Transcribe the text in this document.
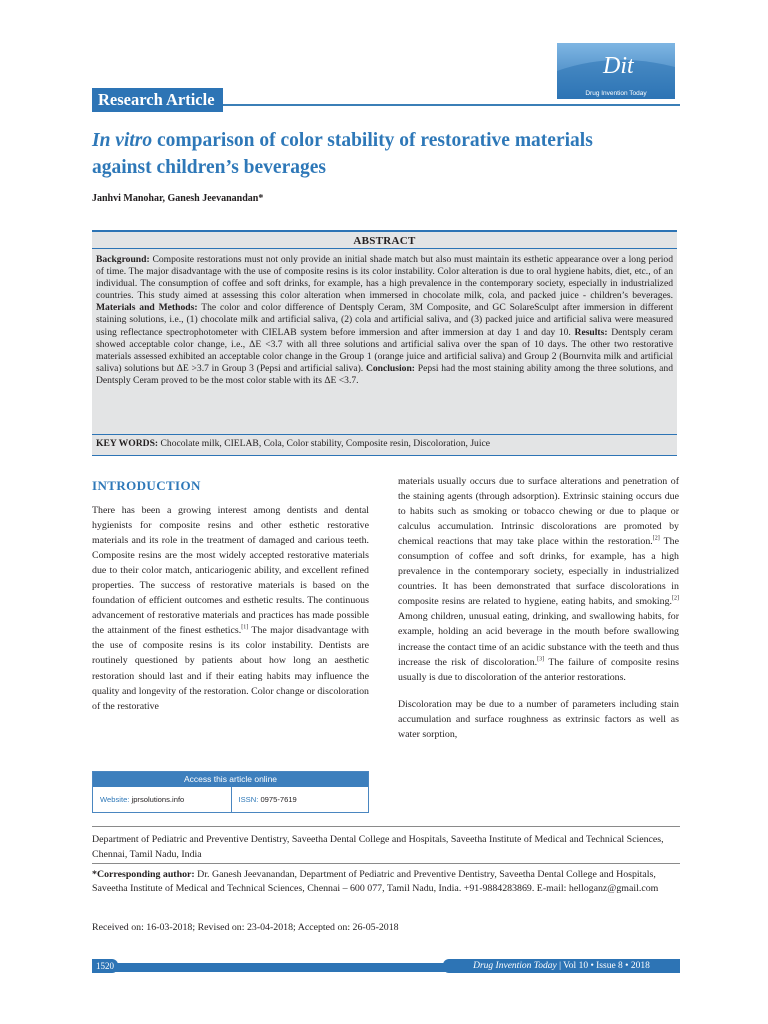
Dit
Drug Invention Today
Research Article
In vitro comparison of color stability of restorative materials against children’s beverages
Janhvi Manohar, Ganesh Jeevanandan*
ABSTRACT
Background: Composite restorations must not only provide an initial shade match but also must maintain its esthetic appearance over a long period of time. The major disadvantage with the use of composite resins is its color instability. Color alteration is due to oral hygiene habits, diet, etc., of an individual. The consumption of coffee and soft drinks, for example, has a high prevalence in the contemporary society, especially in industrialized countries. This study aimed at assessing this color alteration when immersed in chocolate milk, cola, and packed juice - children’s beverages. Materials and Methods: The color and color difference of Dentsply Ceram, 3M Composite, and GC SolareSculpt after immersion in different staining solutions, i.e., (1) chocolate milk and artificial saliva, (2) cola and artificial saliva, and (3) packed juice and artificial saliva were measured using reflectance spectrophotometer with CIELAB system before immersion and after immersion at day 1 and day 10. Results: Dentsply ceram showed acceptable color change, i.e., ΔE <3.7 with all three solutions and artificial saliva over the span of 10 days. The other two restorative materials assessed exhibited an acceptable color change in the Group 1 (orange juice and artificial saliva) and Group 2 (Bournvita milk and artificial saliva) solutions but ΔE >3.7 in Group 3 (Pepsi and artificial saliva). Conclusion: Pepsi had the most staining ability among the three solutions, and Dentsply Ceram proved to be the most color stable with its ΔE <3.7.
KEY WORDS: Chocolate milk, CIELAB, Cola, Color stability, Composite resin, Discoloration, Juice
INTRODUCTION

There has been a growing interest among dentists and dental hygienists for composite resins and other esthetic restorative materials and its role in the treatment of damaged and carious teeth. Composite resins are the most widely accepted restorative materials due to their color match, anticariogenic ability, and excellent refined properties. The success of restorative materials is based on the foundation of efficient outcomes and esthetic results. The continuous advancement of restorative materials and practices has made possible the attainment of the finest esthetics.[1] The major disadvantage with the use of composite resins is its color instability. Dentists are routinely questioned by patients about how long an aesthetic restoration should last and if their eating habits may influence the quality and longevity of the restoration. Color change or discoloration of the restorative

Access this article online
Website: jprsolutions.info	ISSN: 0975-7619

materials usually occurs due to surface alterations and penetration of the staining agents (through adsorption). Extrinsic staining occurs due to habits such as smoking or tobacco chewing or due to plaque or calculus accumulation. Intrinsic discolorations are promoted by chemical reactions that may take place within the restoration.[2] The consumption of coffee and soft drinks, for example, has a high prevalence in the contemporary society, especially in industrialized countries. It has been demonstrated that surface discolorations in composite resins are related to hygiene, eating habits, and smoking.[2] Among children, unusual eating, drinking, and swallowing habits, for example, holding an acid beverage in the mouth before swallowing increase the contact time of an acidic substance with the teeth and thus increase the risk of discoloration.[3] The failure of composite resins usually is due to discoloration of the anterior restorations.

Discoloration may be due to a number of parameters including stain accumulation and surface roughness as extrinsic factors as well as water sorption,

Department of Pediatric and Preventive Dentistry, Saveetha Dental College and Hospitals, Saveetha Institute of Medical and Technical Sciences, Chennai, Tamil Nadu, India
*Corresponding author: Dr. Ganesh Jeevanandan, Department of Pediatric and Preventive Dentistry, Saveetha Dental College and Hospitals, Saveetha Institute of Medical and Technical Sciences, Chennai – 600 077, Tamil Nadu, India. +91-9884283869. E-mail: helloganz@gmail.com
Received on: 16-03-2018; Revised on: 23-04-2018; Accepted on: 26-05-2018
1520	Drug Invention Today | Vol 10 • Issue 8 • 2018
